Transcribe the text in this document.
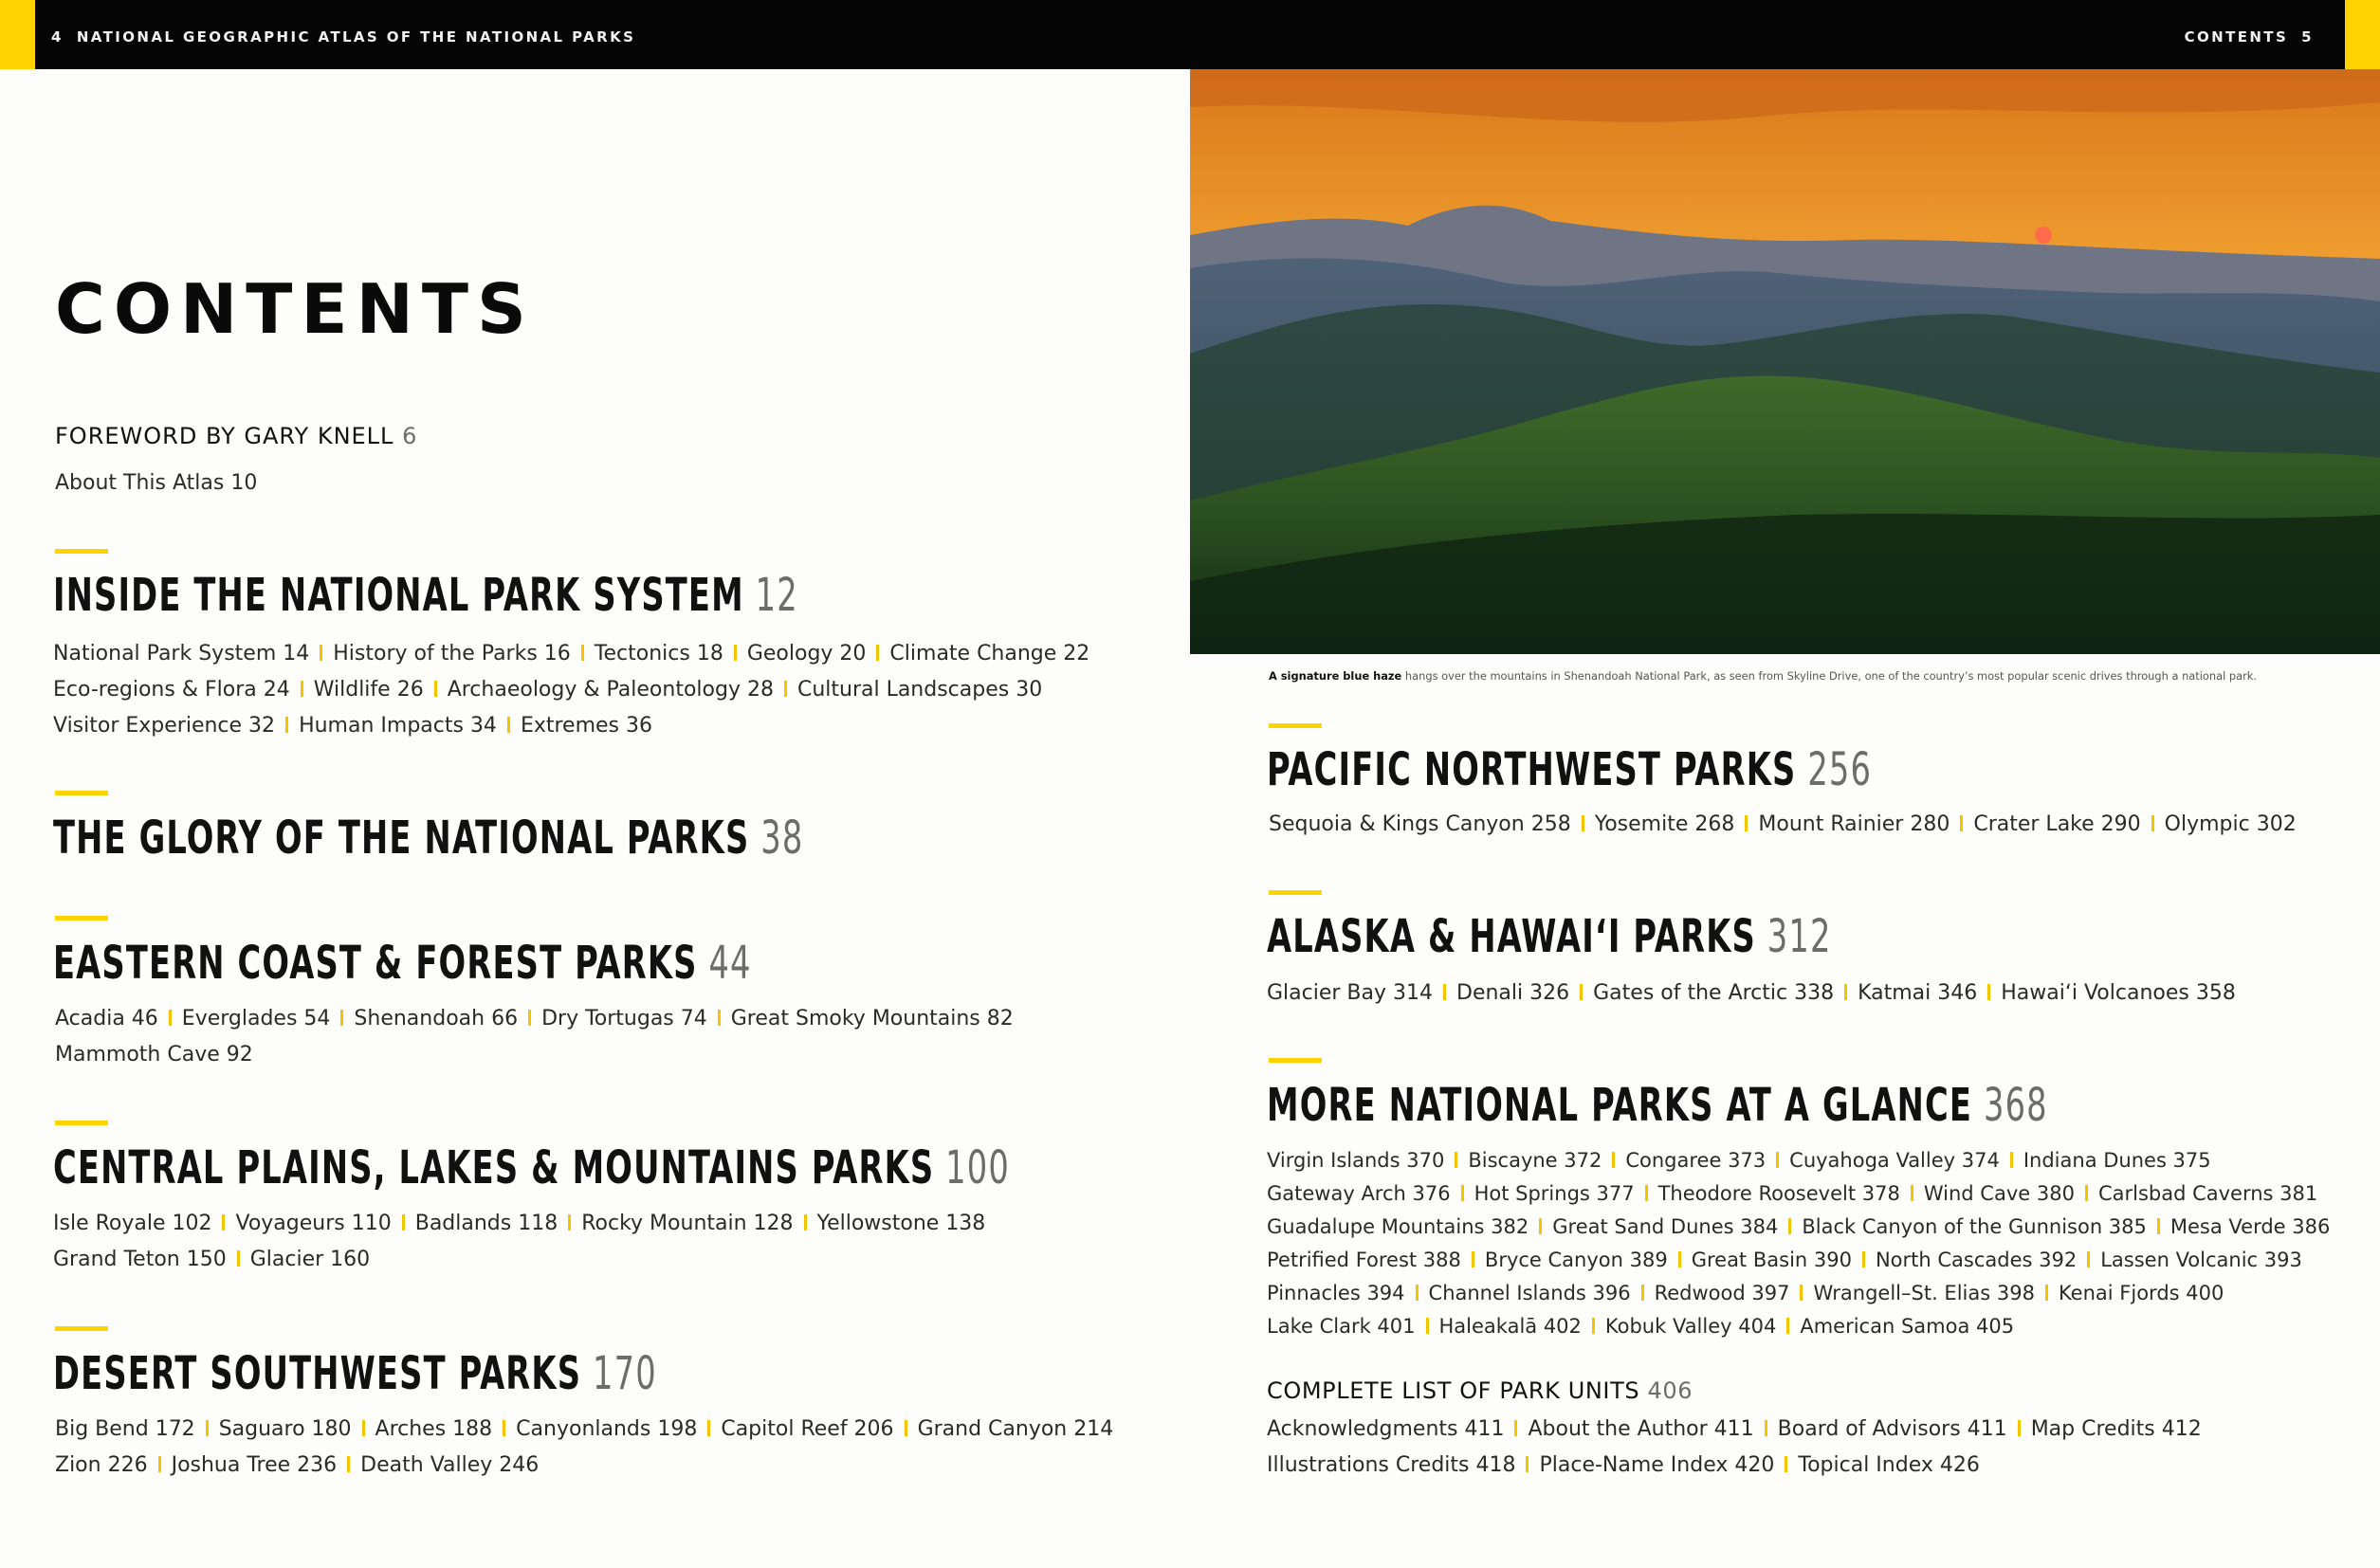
4 NATIONAL GEOGRAPHIC ATLAS OF THE NATIONAL PARKS	CONTENTS 5
CONTENTS
FOREWORD BY GARY KNELL 6
About This Atlas 10
INSIDE THE NATIONAL PARK SYSTEM 12
National Park System 14 History of the Parks 16 Tectonics 18 Geology 20 Climate Change 22
Eco-regions & Flora 24 Wildlife 26 Archaeology & Paleontology 28 Cultural Landscapes 30
Visitor Experience 32 Human Impacts 34 Extremes 36
THE GLORY OF THE NATIONAL PARKS 38
EASTERN COAST & FOREST PARKS 44
Acadia 46 Everglades 54 Shenandoah 66 Dry Tortugas 74 Great Smoky Mountains 82
Mammoth Cave 92
CENTRAL PLAINS, LAKES & MOUNTAINS PARKS 100
Isle Royale 102 Voyageurs 110 Badlands 118 Rocky Mountain 128 Yellowstone 138
Grand Teton 150 Glacier 160
DESERT SOUTHWEST PARKS 170
Big Bend 172 Saguaro 180 Arches 188 Canyonlands 198 Capitol Reef 206 Grand Canyon 214
Zion 226 Joshua Tree 236 Death Valley 246
A signature blue haze hangs over the mountains in Shenandoah National Park, as seen from Skyline Drive, one of the country’s most popular scenic drives through a national park.
PACIFIC NORTHWEST PARKS 256
Sequoia & Kings Canyon 258 Yosemite 268 Mount Rainier 280 Crater Lake 290 Olympic 302
ALASKA & HAWAI‘I PARKS 312
Glacier Bay 314 Denali 326 Gates of the Arctic 338 Katmai 346 Hawai‘i Volcanoes 358
MORE NATIONAL PARKS AT A GLANCE 368
Virgin Islands 370 Biscayne 372 Congaree 373 Cuyahoga Valley 374 Indiana Dunes 375
Gateway Arch 376 Hot Springs 377 Theodore Roosevelt 378 Wind Cave 380 Carlsbad Caverns 381
Guadalupe Mountains 382 Great Sand Dunes 384 Black Canyon of the Gunnison 385 Mesa Verde 386
Petrified Forest 388 Bryce Canyon 389 Great Basin 390 North Cascades 392 Lassen Volcanic 393
Pinnacles 394 Channel Islands 396 Redwood 397 Wrangell–St. Elias 398 Kenai Fjords 400
Lake Clark 401 Haleakalā 402 Kobuk Valley 404 American Samoa 405
COMPLETE LIST OF PARK UNITS 406
Acknowledgments 411 About the Author 411 Board of Advisors 411 Map Credits 412
Illustrations Credits 418 Place-Name Index 420 Topical Index 426
